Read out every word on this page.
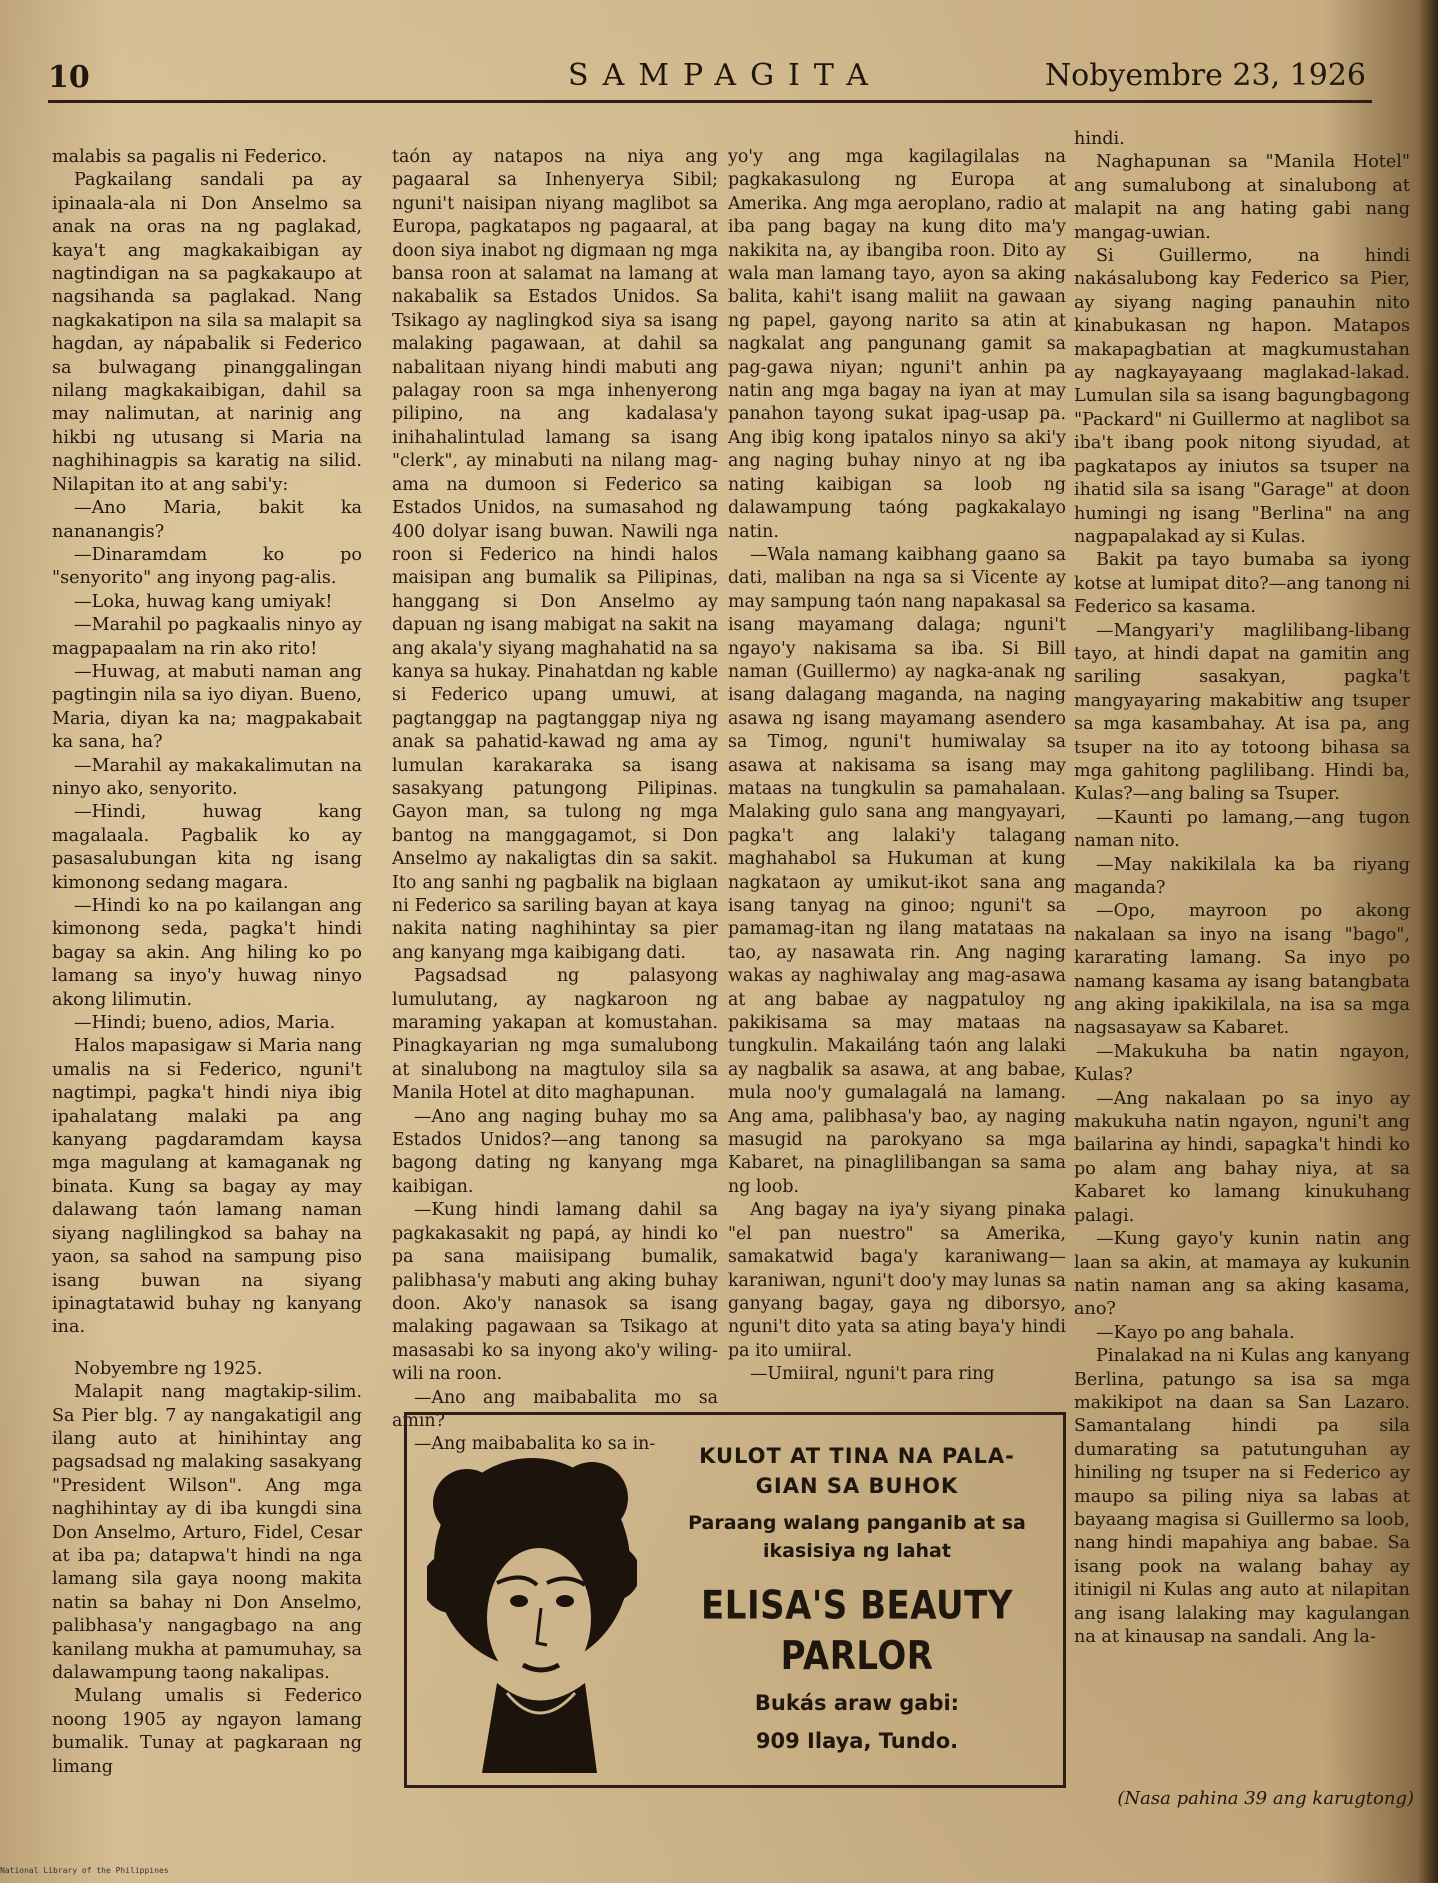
10	SAMPAGITA	Nobyembre 23, 1926

malabis sa pagalis ni Federico.

Pagkailang sandali pa ay ipinaala-ala ni Don Anselmo sa anak na oras na ng paglakad, kaya't ang magkakaibigan ay nagtindigan na sa pagkakaupo at nagsihanda sa paglakad. Nang nagkakatipon na sila sa malapit sa hagdan, ay nápabalik si Federico sa bulwagang pinanggalingan nilang magkakaibigan, dahil sa may nalimutan, at narinig ang hikbi ng utusang si Maria na naghihinagpis sa karatig na silid. Nilapitan ito at ang sabi'y:

—Ano Maria, bakit ka nananangis?

—Dinaramdam ko po "senyorito" ang inyong pag-alis.

—Loka, huwag kang umiyak!

—Marahil po pagkaalis ninyo ay magpapaalam na rin ako rito!

—Huwag, at mabuti naman ang pagtingin nila sa iyo diyan. Bueno, Maria, diyan ka na; magpakabait ka sana, ha?

—Marahil ay makakalimutan na ninyo ako, senyorito.

—Hindi, huwag kang magalaala. Pagbalik ko ay pasasalubungan kita ng isang kimonong sedang magara.

—Hindi ko na po kailangan ang kimonong seda, pagka't hindi bagay sa akin. Ang hiling ko po lamang sa inyo'y huwag ninyo akong lilimutin.

—Hindi; bueno, adios, Maria.

Halos mapasigaw si Maria nang umalis na si Federico, nguni't nagtimpi, pagka't hindi niya ibig ipahalatang malaki pa ang kanyang pagdaramdam kaysa mga magulang at kamaganak ng binata. Kung sa bagay ay may dalawang taón lamang naman siyang naglilingkod sa bahay na yaon, sa sahod na sampung piso isang buwan na siyang ipinagtatawid buhay ng kanyang ina.

Nobyembre ng 1925.

Malapit nang magtakip-silim. Sa Pier blg. 7 ay nangakatigil ang ilang auto at hinihintay ang pagsadsad ng malaking sasakyang "President Wilson". Ang mga naghihintay ay di iba kungdi sina Don Anselmo, Arturo, Fidel, Cesar at iba pa; datapwa't hindi na nga lamang sila gaya noong makita natin sa bahay ni Don Anselmo, palibhasa'y nangagbago na ang kanilang mukha at pamumuhay, sa dalawampung taong nakalipas.

Mulang umalis si Federico noong 1905 ay ngayon lamang bumalik. Tunay at pagkaraan ng limang

taón ay natapos na niya ang pagaaral sa Inhenyerya Sibil; nguni't naisipan niyang maglibot sa Europa, pagkatapos ng pagaaral, at doon siya inabot ng digmaan ng mga bansa roon at salamat na lamang at nakabalik sa Estados Unidos. Sa Tsikago ay naglingkod siya sa isang malaking pagawaan, at dahil sa nabalitaan niyang hindi mabuti ang palagay roon sa mga inhenyerong pilipino, na ang kadalasa'y inihahalintulad lamang sa isang "clerk", ay minabuti na nilang mag-ama na dumoon si Federico sa Estados Unidos, na sumasahod ng 400 dolyar isang buwan. Nawili nga roon si Federico na hindi halos maisipan ang bumalik sa Pilipinas, hanggang si Don Anselmo ay dapuan ng isang mabigat na sakit na ang akala'y siyang maghahatid na sa kanya sa hukay. Pinahatdan ng kable si Federico upang umuwi, at pagtanggap na pagtanggap niya ng anak sa pahatid-kawad ng ama ay lumulan karakaraka sa isang sasakyang patungong Pilipinas. Gayon man, sa tulong ng mga bantog na manggagamot, si Don Anselmo ay nakaligtas din sa sakit. Ito ang sanhi ng pagbalik na biglaan ni Federico sa sariling bayan at kaya nakita nating naghihintay sa pier ang kanyang mga kaibigang dati.

Pagsadsad ng palasyong lumulutang, ay nagkaroon ng maraming yakapan at komustahan. Pinagkayarian ng mga sumalubong at sinalubong na magtuloy sila sa Manila Hotel at dito maghapunan.

—Ano ang naging buhay mo sa Estados Unidos?—ang tanong sa bagong dating ng kanyang mga kaibigan.

—Kung hindi lamang dahil sa pagkakasakit ng papá, ay hindi ko pa sana maiisipang bumalik, palibhasa'y mabuti ang aking buhay doon. Ako'y nanasok sa isang malaking pagawaan sa Tsikago at masasabi ko sa inyong ako'y wiling-wili na roon.

—Ano ang maibabalita mo sa amin?

—Ang maibabalita ko sa in-

yo'y ang mga kagilagilalas na pagkakasulong ng Europa at Amerika. Ang mga aeroplano, radio at iba pang bagay na kung dito ma'y nakikita na, ay ibangiba roon. Dito ay wala man lamang tayo, ayon sa aking balita, kahi't isang maliit na gawaan ng papel, gayong narito sa atin at nagkalat ang pangunang gamit sa pag-gawa niyan; nguni't anhin pa natin ang mga bagay na iyan at may panahon tayong sukat ipag-usap pa. Ang ibig kong ipatalos ninyo sa aki'y ang naging buhay ninyo at ng iba nating kaibigan sa loob ng dalawampung taóng pagkakalayo natin.

—Wala namang kaibhang gaano sa dati, maliban na nga sa si Vicente ay may sampung taón nang napakasal sa isang mayamang dalaga; nguni't ngayo'y nakisama sa iba. Si Bill naman (Guillermo) ay nagka-anak ng isang dalagang maganda, na naging asawa ng isang mayamang asendero sa Timog, nguni't humiwalay sa asawa at nakisama sa isang may mataas na tungkulin sa pamahalaan. Malaking gulo sana ang mangyayari, pagka't ang lalaki'y talagang maghahabol sa Hukuman at kung nagkataon ay umikut-ikot sana ang isang tanyag na ginoo; nguni't sa pamamag-itan ng ilang matataas na tao, ay nasawata rin. Ang naging wakas ay naghiwalay ang mag-asawa at ang babae ay nagpatuloy ng pakikisama sa may mataas na tungkulin. Makailáng taón ang lalaki ay nagbalik sa asawa, at ang babae, mula noo'y gumalagalá na lamang. Ang ama, palibhasa'y bao, ay naging masugid na parokyano sa mga Kabaret, na pinaglilibangan sa sama ng loob.

Ang bagay na iya'y siyang pinaka "el pan nuestro" sa Amerika, samakatwid baga'y karaniwang—karaniwan, nguni't doo'y may lunas sa ganyang bagay, gaya ng diborsyo, nguni't dito yata sa ating baya'y hindi pa ito umiiral.

—Umiiral, nguni't para ring

hindi.

Naghapunan sa "Manila Hotel" ang sumalubong at sinalubong at malapit na ang hating gabi nang mangag-uwian.

Si Guillermo, na hindi nakásalubong kay Federico sa Pier, ay siyang naging panauhin nito kinabukasan ng hapon. Matapos makapagbatian at magkumustahan ay nagkayayaang maglakad-lakad. Lumulan sila sa isang bagungbagong "Packard" ni Guillermo at naglibot sa iba't ibang pook nitong siyudad, at pagkatapos ay iniutos sa tsuper na ihatid sila sa isang "Garage" at doon humingi ng isang "Berlina" na ang nagpapalakad ay si Kulas.

Bakit pa tayo bumaba sa iyong kotse at lumipat dito?—ang tanong ni Federico sa kasama.

—Mangyari'y maglilibang-libang tayo, at hindi dapat na gamitin ang sariling sasakyan, pagka't mangyayaring makabitiw ang tsuper sa mga kasambahay. At isa pa, ang tsuper na ito ay totoong bihasa sa mga gahitong paglilibang. Hindi ba, Kulas?—ang baling sa Tsuper.

—Kaunti po lamang,—ang tugon naman nito.

—May nakikilala ka ba riyang maganda?

—Opo, mayroon po akong nakalaan sa inyo na isang "bago", kararating lamang. Sa inyo po namang kasama ay isang batangbata ang aking ipakikilala, na isa sa mga nagsasayaw sa Kabaret.

—Makukuha ba natin ngayon, Kulas?

—Ang nakalaan po sa inyo ay makukuha natin ngayon, nguni't ang bailarina ay hindi, sapagka't hindi ko po alam ang bahay niya, at sa Kabaret ko lamang kinukuhang palagi.

—Kung gayo'y kunin natin ang laan sa akin, at mamaya ay kukunin natin naman ang sa aking kasama, ano?

—Kayo po ang bahala.

Pinalakad na ni Kulas ang kanyang Berlina, patungo sa isa sa mga makikipot na daan sa San Lazaro. Samantalang hindi pa sila dumarating sa patutunguhan ay hiniling ng tsuper na si Federico ay maupo sa piling niya sa labas at bayaang magisa si Guillermo sa loob, nang hindi mapahiya ang babae. Sa isang pook na walang bahay ay itinigil ni Kulas ang auto at nilapitan ang isang lalaking may kagulangan na at kinausap na sandali. Ang la-

(Nasa pahina 39 ang karugtong)
KULOT AT TINA NA PALA-
GIAN SA BUHOK
Paraang walang panganib at sa
ikasisiya ng lahat
ELISA'S BEAUTY PARLOR
Bukás araw gabi:
909 Ilaya, Tundo.
National Library of the Philippines
